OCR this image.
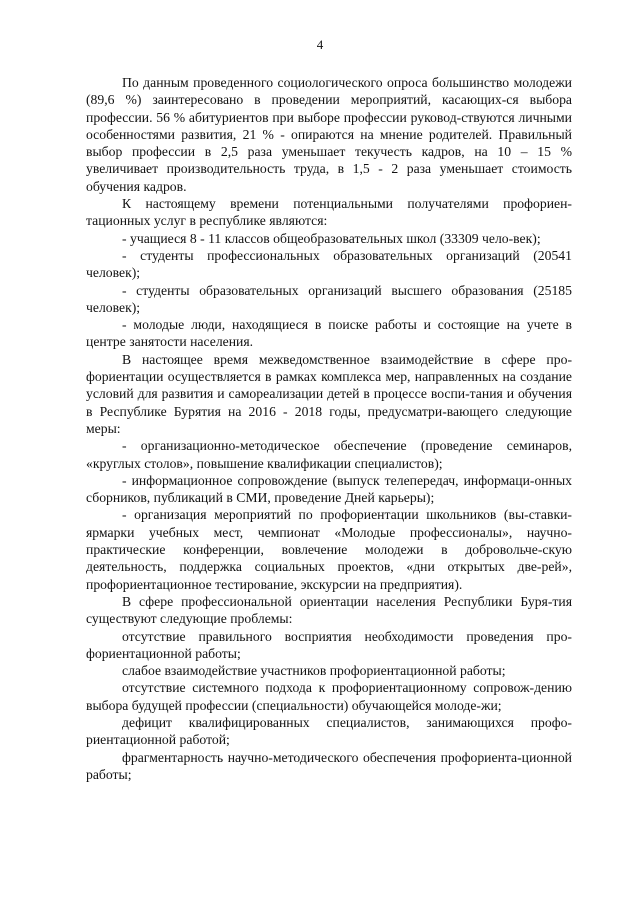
4

По данным проведенного социологического опроса большинство молодежи (89,6 %) заинтересовано в проведении мероприятий, касающих-ся выбора профессии. 56 % абитуриентов при выборе профессии руковод-ствуются личными особенностями развития, 21 % - опираются на мнение родителей. Правильный выбор профессии в 2,5 раза уменьшает текучесть кадров, на 10 – 15 % увеличивает производительность труда, в 1,5 - 2 раза уменьшает стоимость обучения кадров.

К настоящему времени потенциальными получателями профориен-тационных услуг в республике являются:

- учащиеся 8 - 11 классов общеобразовательных школ (33309 чело-век);

- студенты профессиональных образовательных организаций (20541 человек);

- студенты образовательных организаций высшего образования (25185 человек);

- молодые люди, находящиеся в поиске работы и состоящие на учете в центре занятости населения.

В настоящее время межведомственное взаимодействие в сфере про-фориентации осуществляется в рамках комплекса мер, направленных на создание условий для развития и самореализации детей в процессе воспи-тания и обучения в Республике Бурятия на 2016 - 2018 годы, предусматри-вающего следующие меры:

- организационно-методическое обеспечение (проведение семинаров, «круглых столов», повышение квалификации специалистов);

- информационное сопровождение (выпуск телепередач, информаци-онных сборников, публикаций в СМИ, проведение Дней карьеры);

- организация мероприятий по профориентации школьников (вы-ставки-ярмарки учебных мест, чемпионат «Молодые профессионалы», научно-практические конференции, вовлечение молодежи в добровольче-скую деятельность, поддержка социальных проектов, «дни открытых две-рей», профориентационное тестирование, экскурсии на предприятия).

В сфере профессиональной ориентации населения Республики Буря-тия существуют следующие проблемы:

отсутствие правильного восприятия необходимости проведения про-фориентационной работы;

слабое взаимодействие участников профориентационной работы;

отсутствие системного подхода к профориентационному сопровож-дению выбора будущей профессии (специальности) обучающейся молоде-жи;

дефицит квалифицированных специалистов, занимающихся профо-риентационной работой;

фрагментарность научно-методического обеспечения профориента-ционной работы;
